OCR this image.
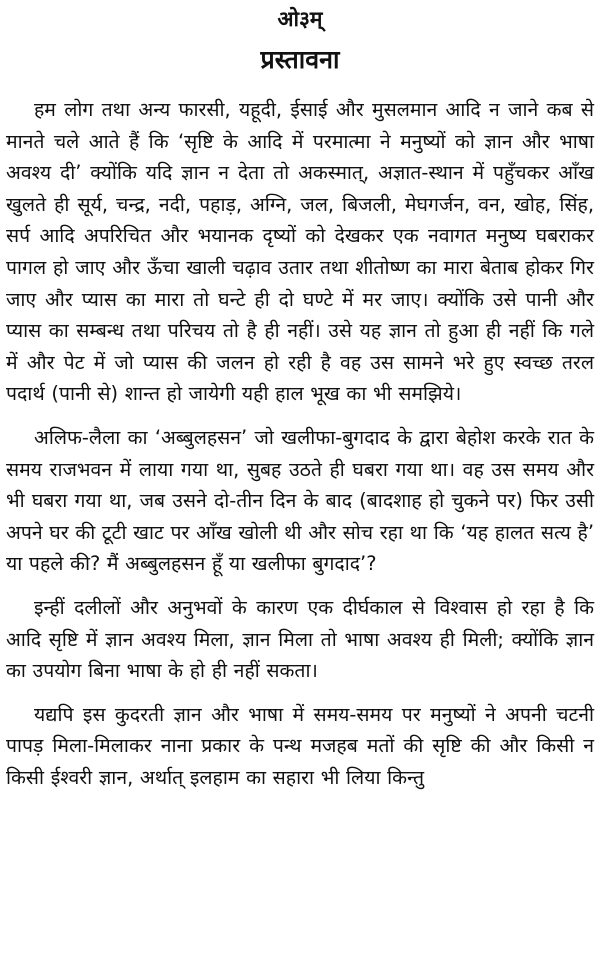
ओ३म्
प्रस्तावना

हम लोग तथा अन्य फारसी, यहूदी, ईसाई और मुसलमान आदि न जाने कब से मानते चले आते हैं कि ‘सृष्टि के आदि में परमात्मा ने मनुष्यों को ज्ञान और भाषा अवश्य दी’ क्योंकि यदि ज्ञान न देता तो अकस्मात्, अज्ञात-स्थान में पहुँचकर आँख खुलते ही सूर्य, चन्द्र, नदी, पहाड़, अग्नि, जल, बिजली, मेघगर्जन, वन, खोह, सिंह, सर्प आदि अपरिचित और भयानक दृष्यों को देखकर एक नवागत मनुष्य घबराकर पागल हो जाए और ऊँचा खाली चढ़ाव उतार तथा शीतोष्ण का मारा बेताब होकर गिर जाए और प्यास का मारा तो घन्टे ही दो घण्टे में मर जाए। क्योंकि उसे पानी और प्यास का सम्बन्ध तथा परिचय तो है ही नहीं। उसे यह ज्ञान तो हुआ ही नहीं कि गले में और पेट में जो प्यास की जलन हो रही है वह उस सामने भरे हुए स्वच्छ तरल पदार्थ (पानी से) शान्त हो जायेगी यही हाल भूख का भी समझिये।

अलिफ-लैला का ‘अब्बुलहसन’ जो खलीफा-बुगदाद के द्वारा बेहोश करके रात के समय राजभवन में लाया गया था, सुबह उठते ही घबरा गया था। वह उस समय और भी घबरा गया था, जब उसने दो-तीन दिन के बाद (बादशाह हो चुकने पर) फिर उसी अपने घर की टूटी खाट पर आँख खोली थी और सोच रहा था कि ‘यह हालत सत्य है’ या पहले की? मैं अब्बुलहसन हूँ या खलीफा बुगदाद’?

इन्हीं दलीलों और अनुभवों के कारण एक दीर्घकाल से विश्वास हो रहा है कि आदि सृष्टि में ज्ञान अवश्य मिला, ज्ञान मिला तो भाषा अवश्य ही मिली; क्योंकि ज्ञान का उपयोग बिना भाषा के हो ही नहीं सकता।

यद्यपि इस कुदरती ज्ञान और भाषा में समय-समय पर मनुष्यों ने अपनी चटनी पापड़ मिला-मिलाकर नाना प्रकार के पन्थ मजहब मतों की सृष्टि की और किसी न किसी ईश्वरी ज्ञान, अर्थात् इलहाम का सहारा भी लिया किन्तु
